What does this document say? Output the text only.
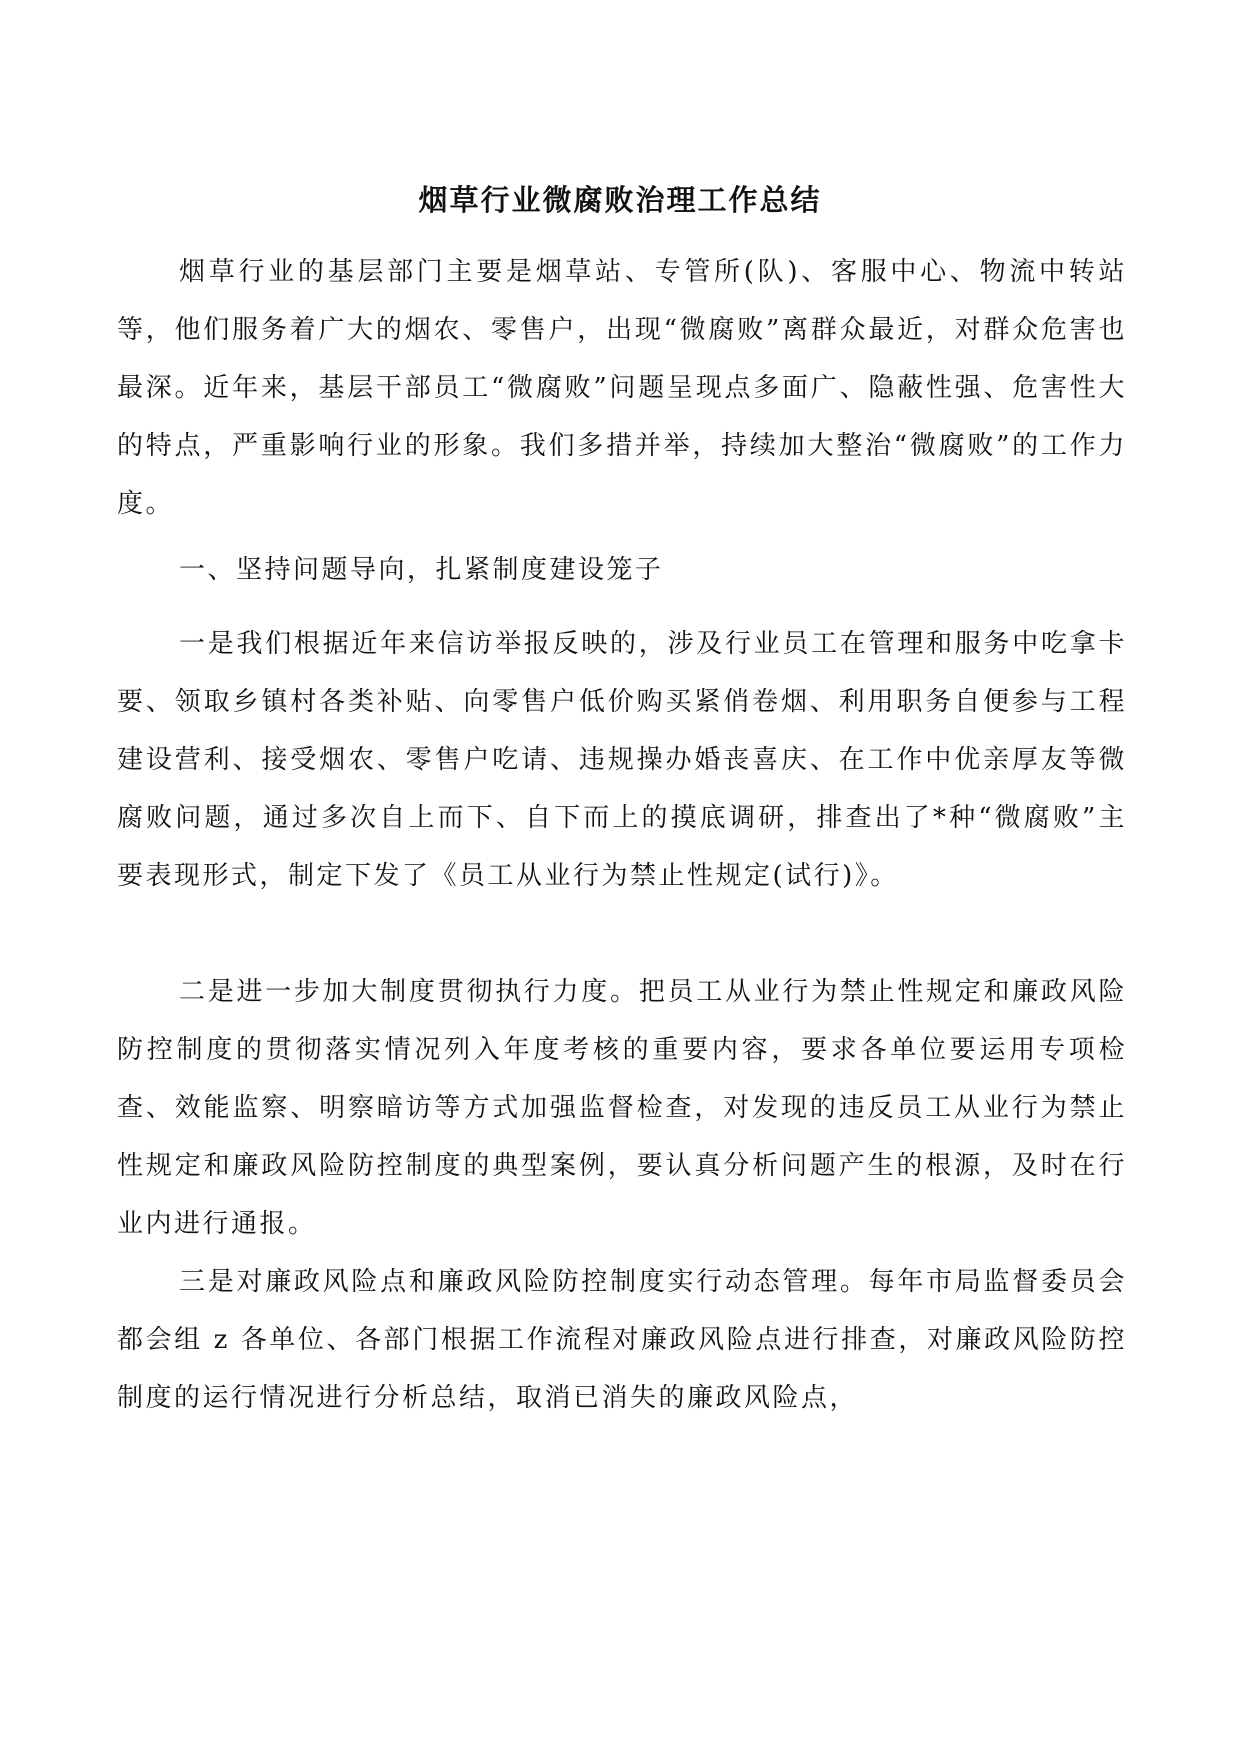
烟草行业微腐败治理工作总结

烟草行业的基层部门主要是烟草站、专管所(队)、客服中心、物流中转站等，他们服务着广大的烟农、零售户，出现“微腐败”离群众最近，对群众危害也最深。近年来，基层干部员工“微腐败”问题呈现点多面广、隐蔽性强、危害性大的特点，严重影响行业的形象。我们多措并举，持续加大整治“微腐败”的工作力度。

一、坚持问题导向，扎紧制度建设笼子

一是我们根据近年来信访举报反映的，涉及行业员工在管理和服务中吃拿卡要、领取乡镇村各类补贴、向零售户低价购买紧俏卷烟、利用职务自便参与工程建设营利、接受烟农、零售户吃请、违规操办婚丧喜庆、在工作中优亲厚友等微腐败问题，通过多次自上而下、自下而上的摸底调研，排查出了*种“微腐败”主要表现形式，制定下发了《员工从业行为禁止性规定(试行)》。

二是进一步加大制度贯彻执行力度。把员工从业行为禁止性规定和廉政风险防控制度的贯彻落实情况列入年度考核的重要内容，要求各单位要运用专项检查、效能监察、明察暗访等方式加强监督检查，对发现的违反员工从业行为禁止性规定和廉政风险防控制度的典型案例，要认真分析问题产生的根源，及时在行业内进行通报。

三是对廉政风险点和廉政风险防控制度实行动态管理。每年市局监督委员会都会组 z 各单位、各部门根据工作流程对廉政风险点进行排查，对廉政风险防控制度的运行情况进行分析总结，取消已消失的廉政风险点，
